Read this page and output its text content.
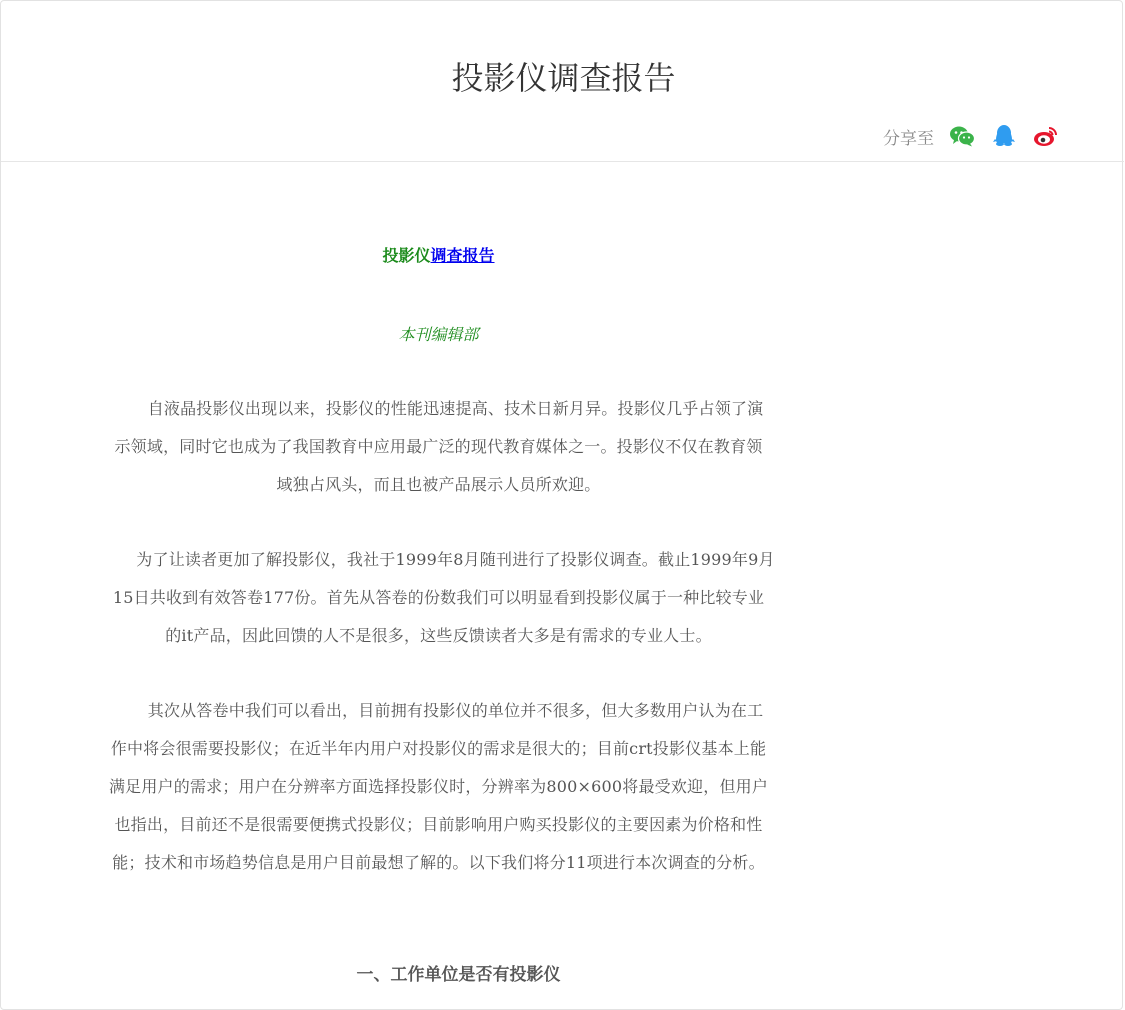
投影仪调查报告
分享至
投影仪调查报告
本刊编辑部

自液晶投影仪出现以来，投影仪的性能迅速提高、技术日新月异。投影仪几乎占领了演
示领域，同时它也成为了我国教育中应用最广泛的现代教育媒体之一。投影仪不仅在教育领
域独占风头，而且也被产品展示人员所欢迎。

为了让读者更加了解投影仪，我社于1999年8月随刊进行了投影仪调查。截止1999年9月
15日共收到有效答卷177份。首先从答卷的份数我们可以明显看到投影仪属于一种比较专业
的it产品，因此回馈的人不是很多，这些反馈读者大多是有需求的专业人士。

其次从答卷中我们可以看出，目前拥有投影仪的单位并不很多，但大多数用户认为在工
作中将会很需要投影仪；在近半年内用户对投影仪的需求是很大的；目前crt投影仪基本上能
满足用户的需求；用户在分辨率方面选择投影仪时，分辨率为800×600将最受欢迎，但用户
也指出，目前还不是很需要便携式投影仪；目前影响用户购买投影仪的主要因素为价格和性
能；技术和市场趋势信息是用户目前最想了解的。以下我们将分11项进行本次调查的分析。

一、工作单位是否有投影仪
